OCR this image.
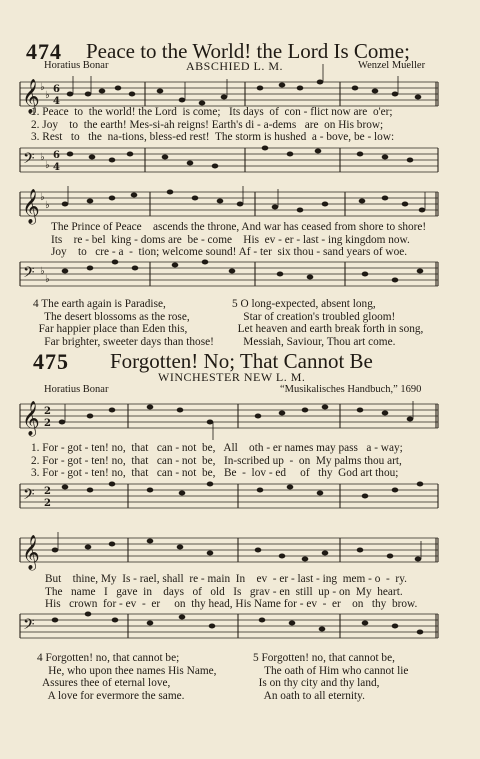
474 Peace to the World! the Lord Is Come;
Horatius Bonar	ABSCHIED L. M.	Wenzel Mueller
𝄞 ♭
♭
6
4
1. Peace  to  the world! the Lord  is come;   Its days  of  con - flict now are  o'er;
2. Joy    to  the earth! Mes-si-ah reigns! Earth's di - a-dems   are  on His brow;
3. Rest   to   the  na-tions, bless-ed rest!  The storm is hushed  a - bove, be - low:
𝄢 ♭
♭
6
4
𝄞 ♭
♭
The Prince of Peace    ascends the throne, And war has ceased from shore to shore!
Its    re - bel  king - doms are  be - come    His  ev - er - last - ing kingdom now.
Joy    to   cre - a  -  tion; welcome sound! Af - ter  six thou - sand years of woe.
𝄢 ♭
♭
4 The earth again is Paradise,
The desert blossoms as the rose,
Far happier place than Eden this,
Far brighter, sweeter days than those!
5 O long-expected, absent long,
Star of creation's troubled gloom!
Let heaven and earth break forth in song,
Messiah, Saviour, Thou art come.
475 Forgotten! No; That Cannot Be
WINCHESTER NEW L. M.
Horatius Bonar	“Musikalisches Handbuch,” 1690
𝄞 2
2
1. For - got - ten! no,  that   can - not  be,   All    oth - er names may pass   a - way;
2. For - got - ten! no,  that   can - not  be,   In-scribed up  -  on  My palms thou art,
3. For - got - ten! no,  that   can - not  be,   Be  -  lov - ed     of   thy  God art thou;
𝄢 2
2
𝄞
But    thine, My  Is - rael, shall  re - main  In    ev  - er - last - ing  mem - o  -  ry.
The   name   I   gave  in    days   of   old   Is   grav - en  still  up - on  My  heart.
His   crown  for - ev  -  er     on  thy head, His Name for - ev  -  er    on   thy  brow.
𝄢
4 Forgotten! no, that cannot be;
He, who upon thee names His Name,
Assures thee of eternal love,
A love for evermore the same.
5 Forgotten! no, that cannot be,
The oath of Him who cannot lie
Is on thy city and thy land,
An oath to all eternity.
